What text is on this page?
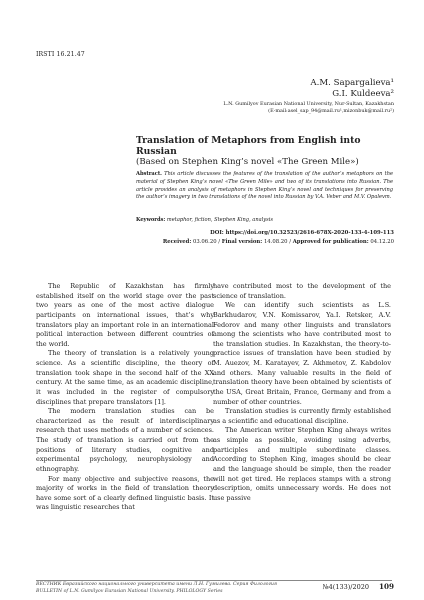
IRSTI 16.21.47
A.M. Sapargalieva¹
G.I. Kuldeeva²
L.N. Gumilyov Eurasian National University, Nur-Sultan, Kazakhstan
(E-mail:asel_sap_94@mail.ru¹,mizonbuk@mail.ru²)

Translation of Metaphors from English into Russian

(Based on Stephen King’s novel «The Green Mile»)

Abstract. This article discusses the features of the translation of the author’s metaphors on the material of Stephen King’s novel «The Green Mile» and two of its translations into Russian. The article provides an analysis of metaphors in Stephen King’s novel and techniques for preserving the author’s imagery in two translations of the novel into Russian by V.A. Veber and M.V. Opalevm.
Keywords: metaphor, fiction, Stephen King, analysis
DOI: https://doi.org/10.32523/2616-678X-2020-133-4-109-113
Received: 03.06.20 / Final version: 14.08.20 / Approved for publication: 04.12.20

The Republic of Kazakhstan has firmly established itself on the world stage over the past two years as one of the most active dialogue participants on international issues, that’s why translators play an important role in an international political interaction between different countries of the world.

The theory of translation is a relatively young science. As a scientific discipline, the theory of translation took shape in the second half of the XX century. At the same time, as an academic discipline, it was included in the register of compulsory disciplines that prepare translators [1].

The modern translation studies can be characterized as the result of interdisciplinary research that uses methods of a number of sciences. The study of translation is carried out from the positions of literary studies, cognitive and experimental psychology, neurophysiology and ethnography.

For many objective and subjective reasons, the majority of works in the field of translation theory have some sort of a clearly defined linguistic basis. It was linguistic researches that

have contributed most to the development of the science of translation.

We can identify such scientists as L.S. Barkhudarov, V.N. Komissarov, Ya.I. Retsker, A.V. Fedorov and many other linguists and translators among the scientists who have contributed most to the translation studies. In Kazakhstan, the theory-to-practice issues of translation have been studied by M. Auezov, M. Karatayev, Z. Akhmetov, Z. Kabdolov and others. Many valuable results in the field of translation theory have been obtained by scientists of the USA, Great Britain, France, Germany and from a number of other countries.

Translation studies is currently firmly established as a scientific and educational discipline.

The American writer Stephen King always writes as simple as possible, avoiding using adverbs, participles and multiple subordinate classes. According to Stephen King, images should be clear and the language should be simple, then the reader will not get tired. He replaces stamps with a strong description, omits unnecessary words. He does not use passive

ВЕСТНИК Евразийского национального университета имени Л.Н. Гумилева. Серия Филология
BULLETIN of L.N. Gumilyov Eurasian National University. PHILOLOGY Series
№4(133)/2020 109
